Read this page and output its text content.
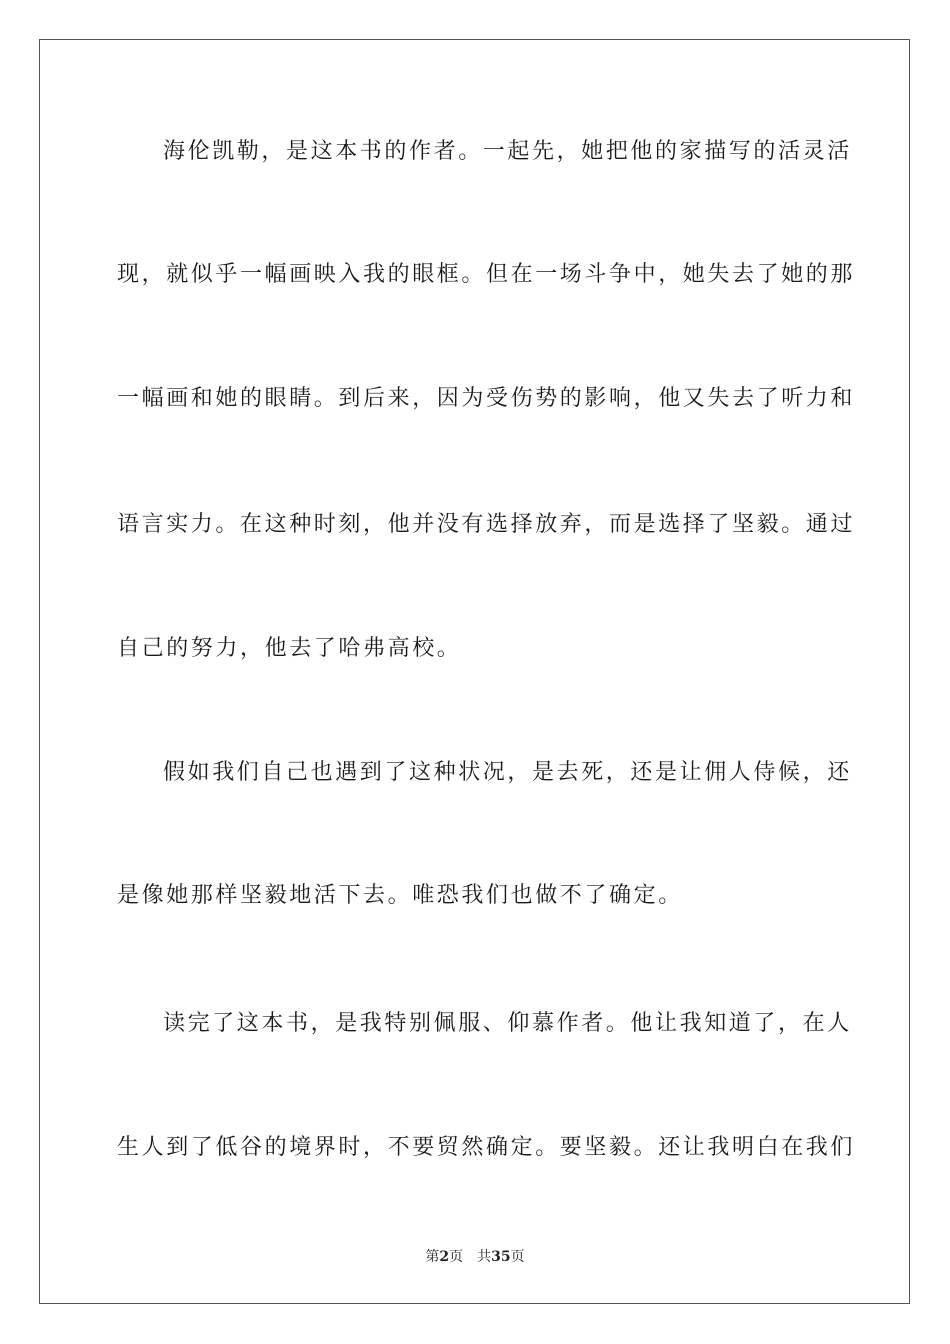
海伦凯勒，是这本书的作者。一起先，她把他的家描写的活灵活
现，就似乎一幅画映入我的眼框。但在一场斗争中，她失去了她的那
一幅画和她的眼睛。到后来，因为受伤势的影响，他又失去了听力和
语言实力。在这种时刻，他并没有选择放弃，而是选择了坚毅。通过
自己的努力，他去了哈弗高校。
假如我们自己也遇到了这种状况，是去死，还是让佣人侍候，还
是像她那样坚毅地活下去。唯恐我们也做不了确定。
读完了这本书，是我特别佩服、仰慕作者。他让我知道了，在人
生人到了低谷的境界时，不要贸然确定。要坚毅。还让我明白在我们
第2页 共35页
